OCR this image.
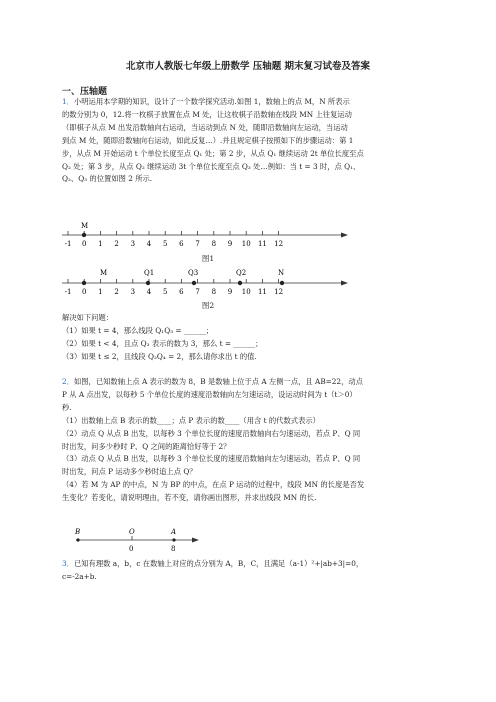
北京市人教版七年级上册数学 压轴题 期末复习试卷及答案
一、压轴题
1．小明运用本学期的知识，设计了一个数学探究活动.如图 1，数轴上的点 M，N 所表示
的数分别为 0，12.将一枚棋子放置在点 M 处，让这枚棋子沿数轴在线段 MN 上往复运动
（即棋子从点 M 出发沿数轴向右运动，当运动到点 N 处，随即沿数轴向左运动，当运动
到点 M 处，随即沿数轴向右运动，如此反复…）.并且规定棋子按照如下的步骤运动：第 1
步，从点 M 开始运动 t 个单位长度至点 Q₁ 处；第 2 步，从点 Q₁ 继续运动 2t 单位长度至点
Q₂ 处；第 3 步，从点 Q₂ 继续运动 3t 个单位长度至点 Q₃ 处…例如：当 t = 3 时，点 Q₁、
Q₂、Q₃ 的位置如图 2 所示.
-1 0 1 2 3 4 5 6 7 8 9 10 11 12
M
图1
-1 0 1 2 3 4 5 6 7 8 9 10 11 12
M	Q1	Q3	Q2	N
图2
解决如下问题：
（1）如果 t = 4，那么线段 Q₁Q₃ = ______；
（2）如果 t < 4，且点 Q₃ 表示的数为 3，那么 t = ______；
（3）如果 t ≤ 2，且线段 Q₂Q₄ = 2，那么请你求出 t 的值.
2．如图，已知数轴上点 A 表示的数为 8，B 是数轴上位于点 A 左侧一点，且 AB=22，动点
P 从 A 点出发，以每秒 5 个单位长度的速度沿数轴向左匀速运动，设运动时间为 t（t＞0）
秒.
（1）出数轴上点 B 表示的数____；点 P 表示的数____（用含 t 的代数式表示）
（2）动点 Q 从点 B 出发，以每秒 3 个单位长度的速度沿数轴向右匀速运动，若点 P、Q 同
时出发，问多少秒时 P、Q 之间的距离恰好等于 2？
（3）动点 Q 从点 B 出发，以每秒 3 个单位长度的速度沿数轴向左匀速运动，若点 P、Q 同
时出发，问点 P 运动多少秒时追上点 Q？
（4）若 M 为 AP 的中点，N 为 BP 的中点，在点 P 运动的过程中，线段 MN 的长度是否发
生变化？若变化，请说明理由，若不变，请你画出图形，并求出线段 MN 的长.
B	O	A
0	8
3．已知有理数 a，b，c 在数轴上对应的点分别为 A，B，C，且满足（a-1）²+|ab+3|=0，
c=-2a+b.
